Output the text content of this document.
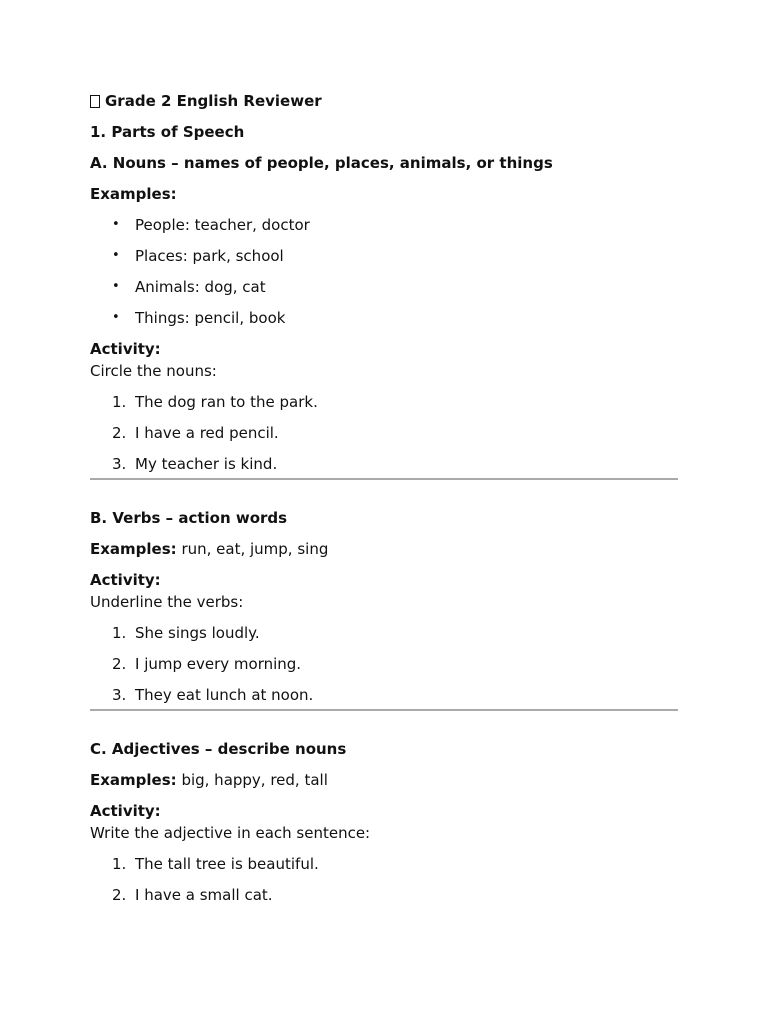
Grade 2 English Reviewer
1. Parts of Speech
A. Nouns – names of people, places, animals, or things
Examples:
• People: teacher, doctor
• Places: park, school
• Animals: dog, cat
• Things: pencil, book
Activity:
Circle the nouns:
1. The dog ran to the park.
2. I have a red pencil.
3. My teacher is kind.
B. Verbs – action words
Examples: run, eat, jump, sing
Activity:
Underline the verbs:
1. She sings loudly.
2. I jump every morning.
3. They eat lunch at noon.
C. Adjectives – describe nouns
Examples: big, happy, red, tall
Activity:
Write the adjective in each sentence:
1. The tall tree is beautiful.
2. I have a small cat.
